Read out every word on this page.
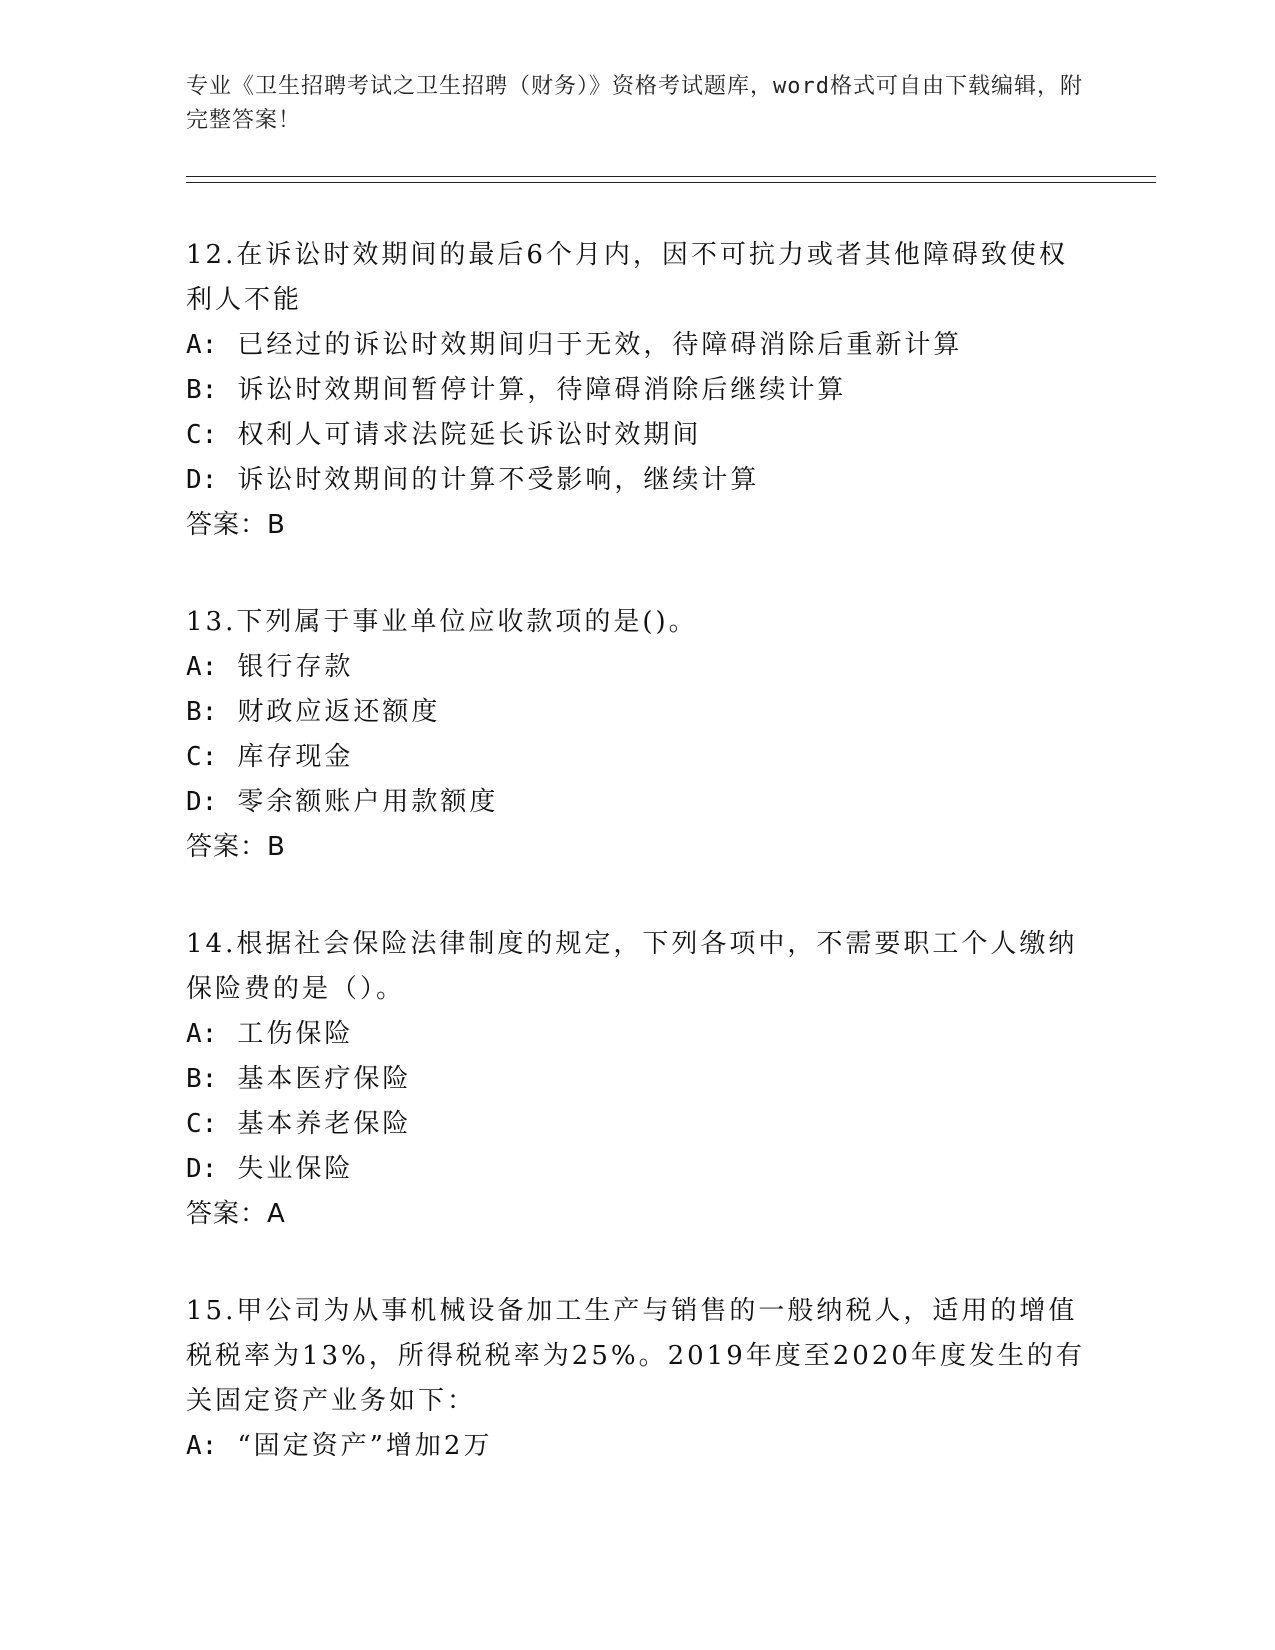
专业《卫生招聘考试之卫生招聘（财务）》资格考试题库，word格式可自由下载编辑，附完整答案！
12.在诉讼时效期间的最后6个月内，因不可抗力或者其他障碍致使权利人不能
A: 已经过的诉讼时效期间归于无效，待障碍消除后重新计算
B: 诉讼时效期间暂停计算，待障碍消除后继续计算
C: 权利人可请求法院延长诉讼时效期间
D: 诉讼时效期间的计算不受影响，继续计算
答案：B
13.下列属于事业单位应收款项的是()。
A: 银行存款
B: 财政应返还额度
C: 库存现金
D: 零余额账户用款额度
答案：B
14.根据社会保险法律制度的规定，下列各项中，不需要职工个人缴纳保险费的是（）。
A: 工伤保险
B: 基本医疗保险
C: 基本养老保险
D: 失业保险
答案：A
15.甲公司为从事机械设备加工生产与销售的一般纳税人，适用的增值税税率为13%，所得税税率为25%。2019年度至2020年度发生的有关固定资产业务如下：
A: “固定资产”增加2万
